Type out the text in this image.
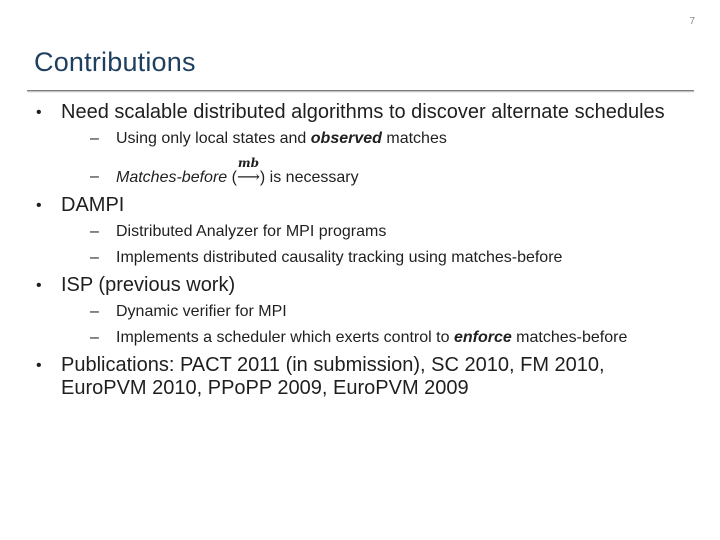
7
Contributions
• Need scalable distributed algorithms to discover alternate schedules
– Using only local states and observed matches
– Matches-before (
mb
⟶) is necessary
• DAMPI
– Distributed Analyzer for MPI programs
– Implements distributed causality tracking using matches-before
• ISP (previous work)
– Dynamic verifier for MPI
– Implements a scheduler which exerts control to enforce matches-before
• Publications: PACT 2011 (in submission), SC 2010, FM 2010, EuroPVM 2010, PPoPP 2009, EuroPVM 2009
